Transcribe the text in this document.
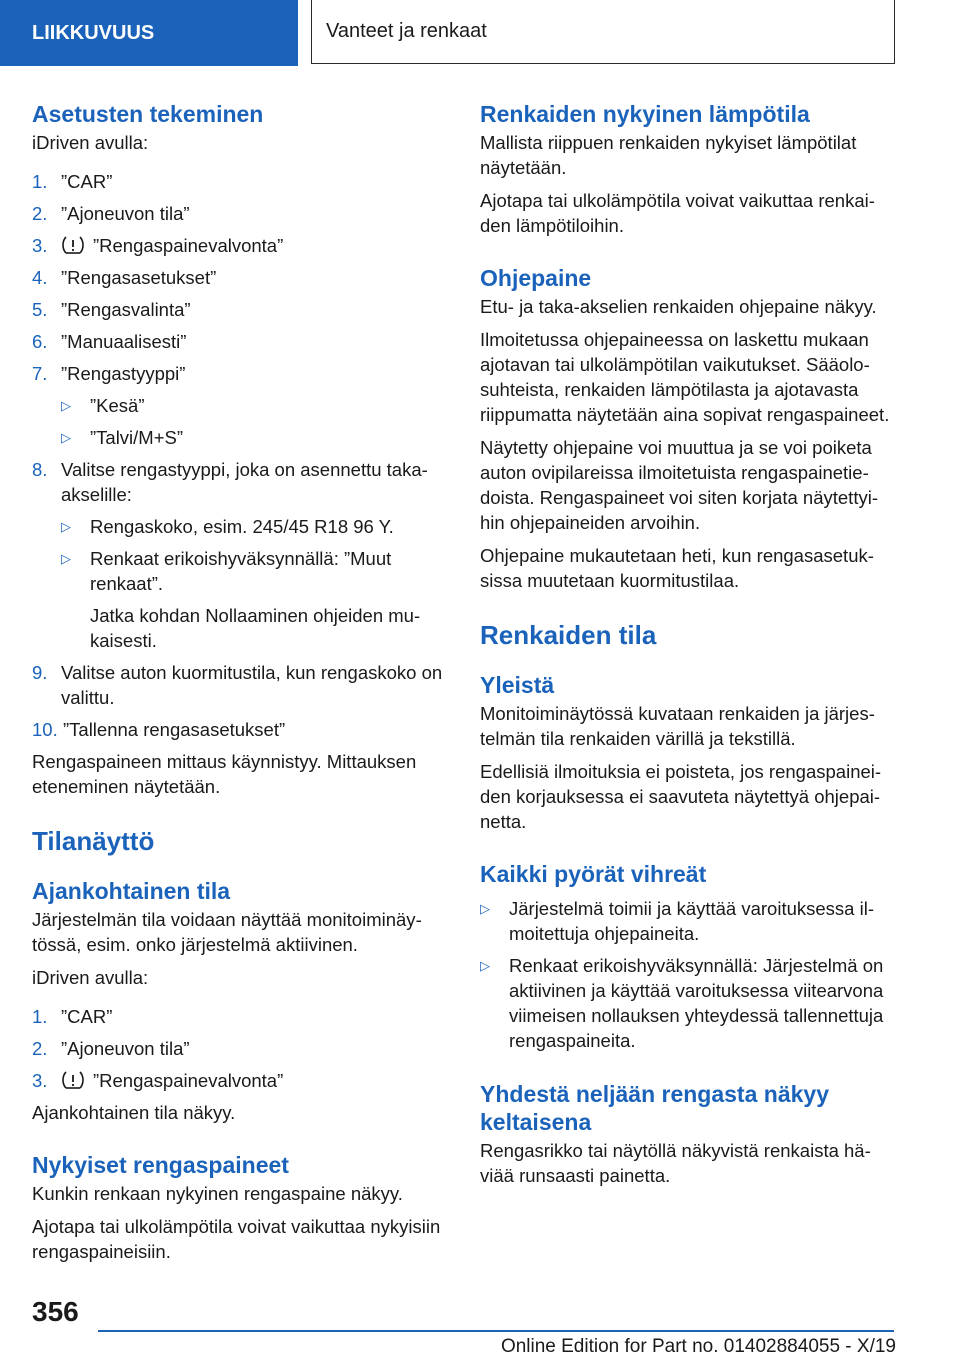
LIIKKUVUUS	Vanteet ja renkaat
Asetusten tekeminen

iDriven avulla:

1. ”CAR”
2. ”Ajoneuvon tila”
3.	”Rengaspainevalvonta”
4. ”Rengasasetukset”
5. ”Rengasvalinta”
6. ”Manuaalisesti”
7. ”Rengastyyppi”
▷	”Kesä”
▷	”Talvi/M+S”
8. Valitse rengastyyppi, joka on asennettu takaakselille:
▷	Rengaskoko, esim. 245/45 R18 96 Y.
▷	Renkaat erikoishyväksynnällä: ”Muut renkaat”.
Jatka kohdan Nollaaminen ohjeiden mukaisesti.
9. Valitse auton kuormitustila, kun rengaskoko on valittu.
10. ”Tallenna rengasasetukset”

Rengaspaineen mittaus käynnistyy. Mittauksen eteneminen näytetään.

Tilanäyttö
Ajankohtainen tila

Järjestelmän tila voidaan näyttää monitoiminäytössä, esim. onko järjestelmä aktiivinen.

iDriven avulla:

1. ”CAR”
2. ”Ajoneuvon tila”
3.	”Rengaspainevalvonta”

Ajankohtainen tila näkyy.

Nykyiset rengaspaineet

Kunkin renkaan nykyinen rengaspaine näkyy.

Ajotapa tai ulkolämpötila voivat vaikuttaa nykyisiin rengaspaineisiin.

Renkaiden nykyinen lämpötila

Mallista riippuen renkaiden nykyiset lämpötilat näytetään.

Ajotapa tai ulkolämpötila voivat vaikuttaa renkaiden lämpötiloihin.

Ohjepaine

Etu- ja taka-akselien renkaiden ohjepaine näkyy.

Ilmoitetussa ohjepaineessa on laskettu mukaan ajotavan tai ulkolämpötilan vaikutukset. Sääolosuhteista, renkaiden lämpötilasta ja ajotavasta riippumatta näytetään aina sopivat rengaspaineet.

Näytetty ohjepaine voi muuttua ja se voi poiketa auton ovipilareissa ilmoitetuista rengaspainetiedoista. Rengaspaineet voi siten korjata näytettyihin ohjepaineiden arvoihin.

Ohjepaine mukautetaan heti, kun rengasasetuksissa muutetaan kuormitustilaa.

Renkaiden tila
Yleistä

Monitoiminäytössä kuvataan renkaiden ja järjestelmän tila renkaiden värillä ja tekstillä.

Edellisiä ilmoituksia ei poisteta, jos rengaspaineiden korjauksessa ei saavuteta näytettyä ohjepainetta.

Kaikki pyörät vihreät
▷	Järjestelmä toimii ja käyttää varoituksessa ilmoitettuja ohjepaineita.
▷	Renkaat erikoishyväksynnällä: Järjestelmä on aktiivinen ja käyttää varoituksessa viitearvona viimeisen nollauksen yhteydessä tallennettuja rengaspaineita.
Yhdestä neljään rengasta näkyy keltaisena

Rengasrikko tai näytöllä näkyvistä renkaista häviää runsaasti painetta.

356
Online Edition for Part no. 01402884055 - X/19
